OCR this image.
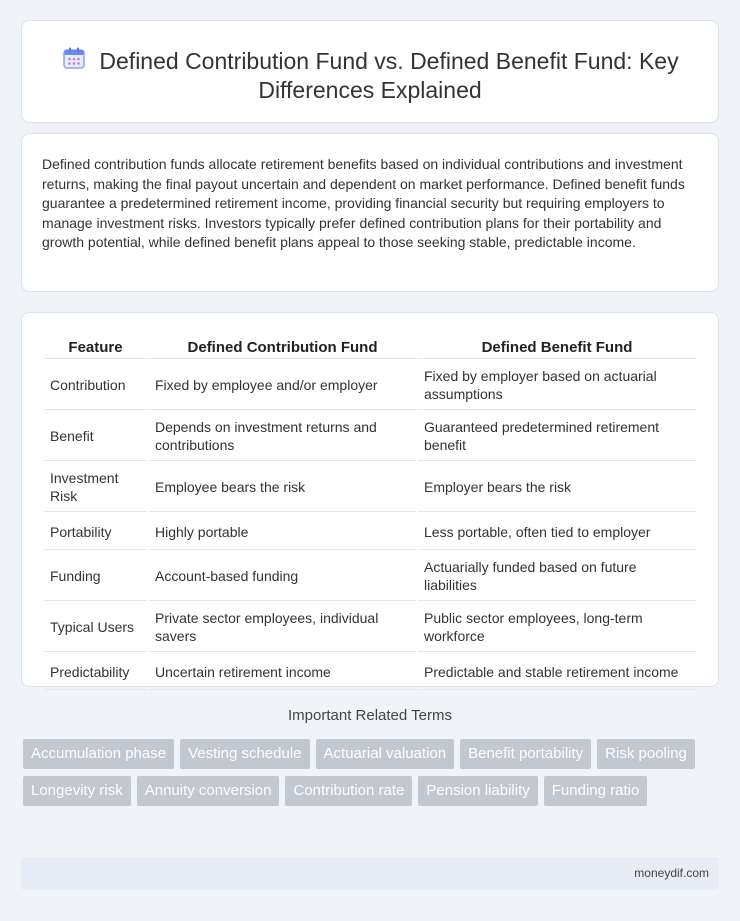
Defined Contribution Fund vs. Defined Benefit Fund: Key Differences Explained

Defined contribution funds allocate retirement benefits based on individual contributions and investment returns, making the final payout uncertain and dependent on market performance. Defined benefit funds guarantee a predetermined retirement income, providing financial security but requiring employers to manage investment risks. Investors typically prefer defined contribution plans for their portability and growth potential, while defined benefit plans appeal to those seeking stable, predictable income.

Feature	Defined Contribution Fund	Defined Benefit Fund
Contribution	Fixed by employee and/or employer	Fixed by employer based on actuarial assumptions
Benefit	Depends on investment returns and contributions	Guaranteed predetermined retirement benefit
Investment Risk	Employee bears the risk	Employer bears the risk
Portability	Highly portable	Less portable, often tied to employer
Funding	Account-based funding	Actuarially funded based on future liabilities
Typical Users	Private sector employees, individual savers	Public sector employees, long-term workforce
Predictability	Uncertain retirement income	Predictable and stable retirement income
Important Related Terms
Accumulation phase	Vesting schedule	Actuarial valuation	Benefit portability	Risk pooling
Longevity risk	Annuity conversion	Contribution rate	Pension liability	Funding ratio
moneydif.com
